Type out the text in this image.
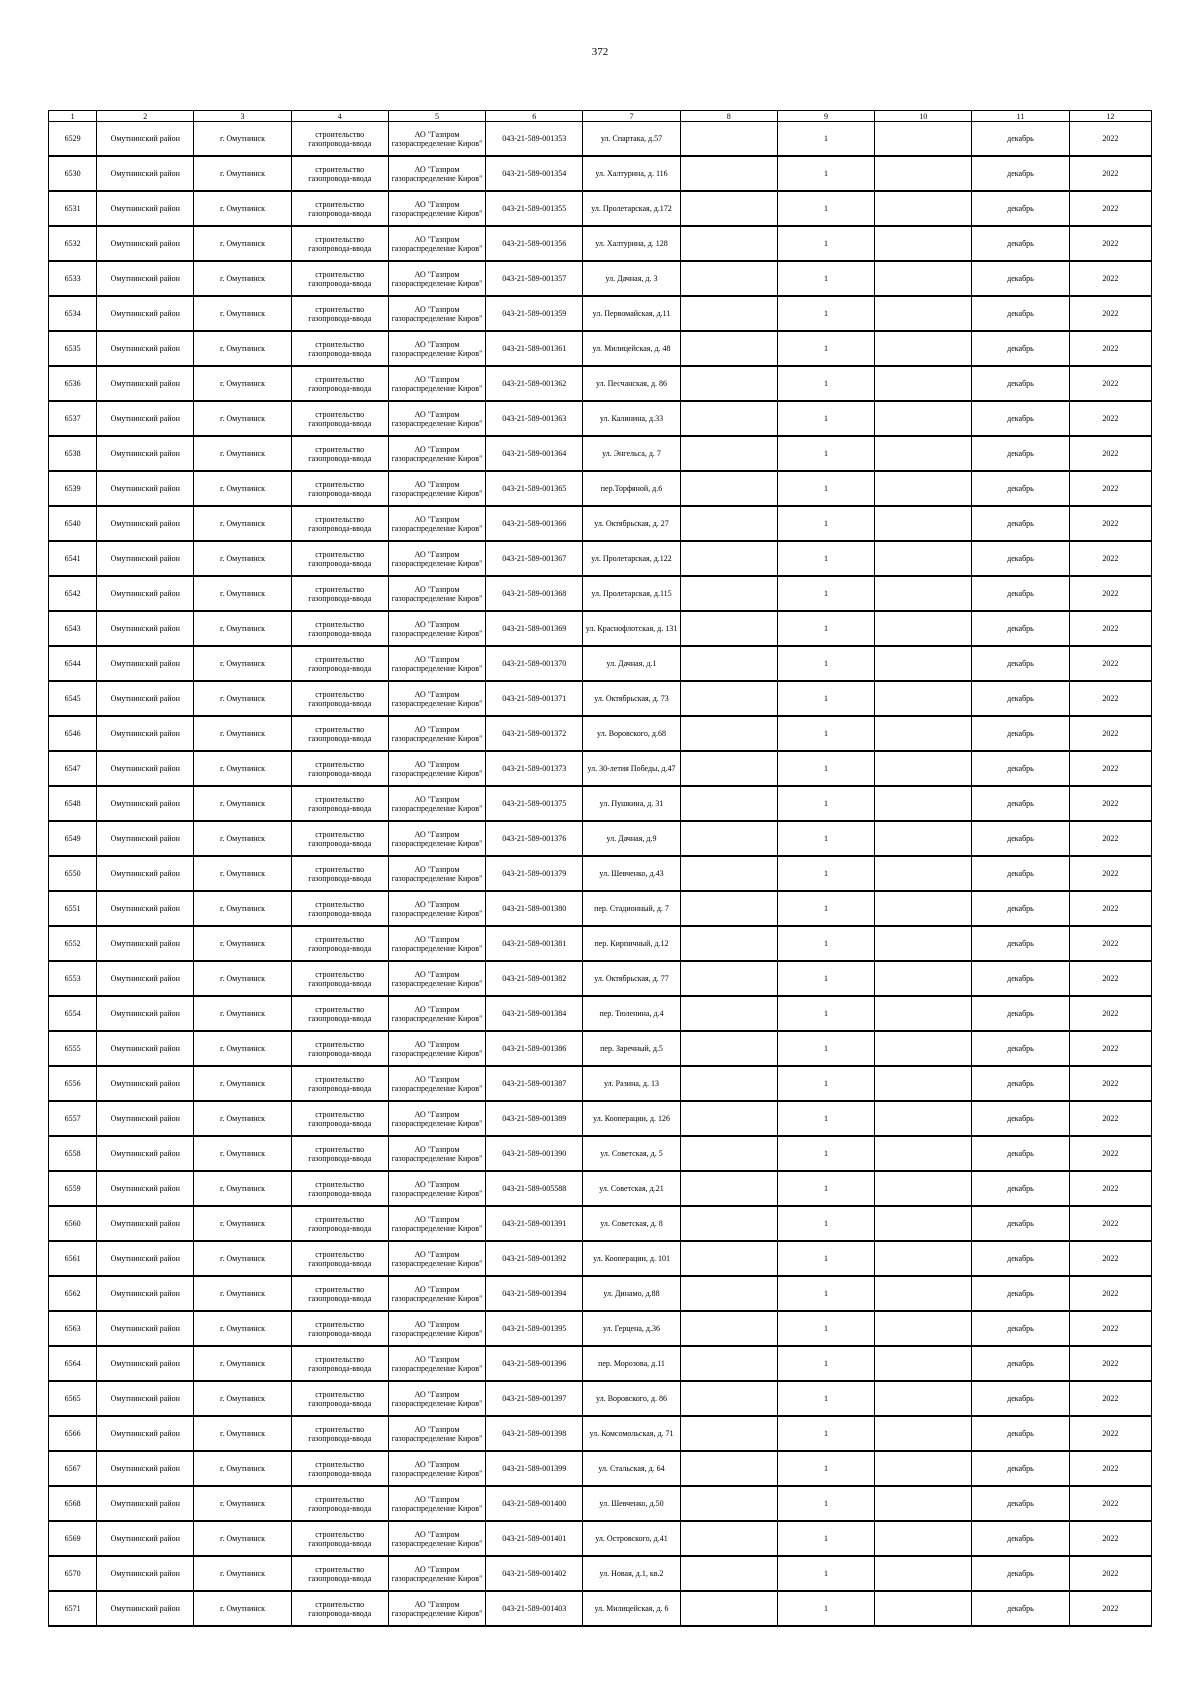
372
1	2	3	4	5	6	7	8	9	10	11	12
6529	Омутнинский район	г. Омутнинск	строительство газопровода-ввода	АО "Газпром газораспределение Киров"	043-21-589-001353	ул. Спартака, д.57		1		декабрь	2022
6530	Омутнинский район	г. Омутнинск	строительство газопровода-ввода	АО "Газпром газораспределение Киров"	043-21-589-001354	ул. Халтурина, д. 116		1		декабрь	2022
6531	Омутнинский район	г. Омутнинск	строительство газопровода-ввода	АО "Газпром газораспределение Киров"	043-21-589-001355	ул. Пролетарская, д.172		1		декабрь	2022
6532	Омутнинский район	г. Омутнинск	строительство газопровода-ввода	АО "Газпром газораспределение Киров"	043-21-589-001356	ул. Халтурина, д. 128		1		декабрь	2022
6533	Омутнинский район	г. Омутнинск	строительство газопровода-ввода	АО "Газпром газораспределение Киров"	043-21-589-001357	ул. Дачная, д. 3		1		декабрь	2022
6534	Омутнинский район	г. Омутнинск	строительство газопровода-ввода	АО "Газпром газораспределение Киров"	043-21-589-001359	ул. Первомайская, д.11		1		декабрь	2022
6535	Омутнинский район	г. Омутнинск	строительство газопровода-ввода	АО "Газпром газораспределение Киров"	043-21-589-001361	ул. Милицейская, д. 48		1		декабрь	2022
6536	Омутнинский район	г. Омутнинск	строительство газопровода-ввода	АО "Газпром газораспределение Киров"	043-21-589-001362	ул. Песчанская, д. 86		1		декабрь	2022
6537	Омутнинский район	г. Омутнинск	строительство газопровода-ввода	АО "Газпром газораспределение Киров"	043-21-589-001363	ул. Калинина, д.33		1		декабрь	2022
6538	Омутнинский район	г. Омутнинск	строительство газопровода-ввода	АО "Газпром газораспределение Киров"	043-21-589-001364	ул. Энгельса, д. 7		1		декабрь	2022
6539	Омутнинский район	г. Омутнинск	строительство газопровода-ввода	АО "Газпром газораспределение Киров"	043-21-589-001365	пер.Торфяной, д.6		1		декабрь	2022
6540	Омутнинский район	г. Омутнинск	строительство газопровода-ввода	АО "Газпром газораспределение Киров"	043-21-589-001366	ул. Октябрьская, д. 27		1		декабрь	2022
6541	Омутнинский район	г. Омутнинск	строительство газопровода-ввода	АО "Газпром газораспределение Киров"	043-21-589-001367	ул. Пролетарская, д.122		1		декабрь	2022
6542	Омутнинский район	г. Омутнинск	строительство газопровода-ввода	АО "Газпром газораспределение Киров"	043-21-589-001368	ул. Пролетарская, д.115		1		декабрь	2022
6543	Омутнинский район	г. Омутнинск	строительство газопровода-ввода	АО "Газпром газораспределение Киров"	043-21-589-001369	ул. Краснофлотская, д. 131		1		декабрь	2022
6544	Омутнинский район	г. Омутнинск	строительство газопровода-ввода	АО "Газпром газораспределение Киров"	043-21-589-001370	ул. Дачная, д.1		1		декабрь	2022
6545	Омутнинский район	г. Омутнинск	строительство газопровода-ввода	АО "Газпром газораспределение Киров"	043-21-589-001371	ул. Октябрьская, д. 73		1		декабрь	2022
6546	Омутнинский район	г. Омутнинск	строительство газопровода-ввода	АО "Газпром газораспределение Киров"	043-21-589-001372	ул. Воровского, д.68		1		декабрь	2022
6547	Омутнинский район	г. Омутнинск	строительство газопровода-ввода	АО "Газпром газораспределение Киров"	043-21-589-001373	ул. 30-летия Победы, д.47		1		декабрь	2022
6548	Омутнинский район	г. Омутнинск	строительство газопровода-ввода	АО "Газпром газораспределение Киров"	043-21-589-001375	ул. Пушкина, д. 31		1		декабрь	2022
6549	Омутнинский район	г. Омутнинск	строительство газопровода-ввода	АО "Газпром газораспределение Киров"	043-21-589-001376	ул. Дачная, д.9		1		декабрь	2022
6550	Омутнинский район	г. Омутнинск	строительство газопровода-ввода	АО "Газпром газораспределение Киров"	043-21-589-001379	ул. Шевченко, д.43		1		декабрь	2022
6551	Омутнинский район	г. Омутнинск	строительство газопровода-ввода	АО "Газпром газораспределение Киров"	043-21-589-001380	пер. Стадионный, д. 7		1		декабрь	2022
6552	Омутнинский район	г. Омутнинск	строительство газопровода-ввода	АО "Газпром газораспределение Киров"	043-21-589-001381	пер. Кирпичный, д.12		1		декабрь	2022
6553	Омутнинский район	г. Омутнинск	строительство газопровода-ввода	АО "Газпром газораспределение Киров"	043-21-589-001382	ул. Октябрьская, д. 77		1		декабрь	2022
6554	Омутнинский район	г. Омутнинск	строительство газопровода-ввода	АО "Газпром газораспределение Киров"	043-21-589-001384	пер. Тюленина, д.4		1		декабрь	2022
6555	Омутнинский район	г. Омутнинск	строительство газопровода-ввода	АО "Газпром газораспределение Киров"	043-21-589-001386	пер. Заречный, д.5		1		декабрь	2022
6556	Омутнинский район	г. Омутнинск	строительство газопровода-ввода	АО "Газпром газораспределение Киров"	043-21-589-001387	ул. Разина, д. 13		1		декабрь	2022
6557	Омутнинский район	г. Омутнинск	строительство газопровода-ввода	АО "Газпром газораспределение Киров"	043-21-589-001389	ул. Кооперации, д. 126		1		декабрь	2022
6558	Омутнинский район	г. Омутнинск	строительство газопровода-ввода	АО "Газпром газораспределение Киров"	043-21-589-001390	ул. Советская, д. 5		1		декабрь	2022
6559	Омутнинский район	г. Омутнинск	строительство газопровода-ввода	АО "Газпром газораспределение Киров"	043-21-589-005588	ул. Советская, д.21		1		декабрь	2022
6560	Омутнинский район	г. Омутнинск	строительство газопровода-ввода	АО "Газпром газораспределение Киров"	043-21-589-001391	ул. Советская, д. 8		1		декабрь	2022
6561	Омутнинский район	г. Омутнинск	строительство газопровода-ввода	АО "Газпром газораспределение Киров"	043-21-589-001392	ул. Кооперации, д. 101		1		декабрь	2022
6562	Омутнинский район	г. Омутнинск	строительство газопровода-ввода	АО "Газпром газораспределение Киров"	043-21-589-001394	ул. Динамо, д.88		1		декабрь	2022
6563	Омутнинский район	г. Омутнинск	строительство газопровода-ввода	АО "Газпром газораспределение Киров"	043-21-589-001395	ул. Герцена, д.36		1		декабрь	2022
6564	Омутнинский район	г. Омутнинск	строительство газопровода-ввода	АО "Газпром газораспределение Киров"	043-21-589-001396	пер. Морозова, д.11		1		декабрь	2022
6565	Омутнинский район	г. Омутнинск	строительство газопровода-ввода	АО "Газпром газораспределение Киров"	043-21-589-001397	ул. Воровского, д. 86		1		декабрь	2022
6566	Омутнинский район	г. Омутнинск	строительство газопровода-ввода	АО "Газпром газораспределение Киров"	043-21-589-001398	ул. Комсомольская, д. 71		1		декабрь	2022
6567	Омутнинский район	г. Омутнинск	строительство газопровода-ввода	АО "Газпром газораспределение Киров"	043-21-589-001399	ул. Стальская, д. 64		1		декабрь	2022
6568	Омутнинский район	г. Омутнинск	строительство газопровода-ввода	АО "Газпром газораспределение Киров"	043-21-589-001400	ул. Шевченко, д.50		1		декабрь	2022
6569	Омутнинский район	г. Омутнинск	строительство газопровода-ввода	АО "Газпром газораспределение Киров"	043-21-589-001401	ул. Островского, д.41		1		декабрь	2022
6570	Омутнинский район	г. Омутнинск	строительство газопровода-ввода	АО "Газпром газораспределение Киров"	043-21-589-001402	ул. Новая, д.1, кв.2		1		декабрь	2022
6571	Омутнинский район	г. Омутнинск	строительство газопровода-ввода	АО "Газпром газораспределение Киров"	043-21-589-001403	ул. Милицейская, д. 6		1		декабрь	2022
